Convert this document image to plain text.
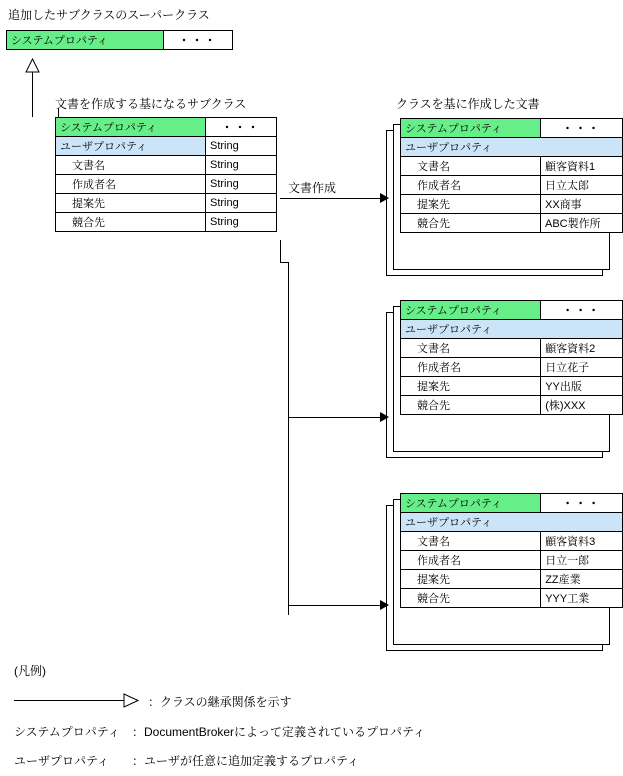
追加したサブクラスのスーパークラス
文書を作成する基になるサブクラス	クラスを基に作成した文書
文書作成
システムプロパティ	・・・
システムプロパティ	・・・
ユーザプロパティ	String
文書名	String
作成者名	String
提案先	String
競合先	String
システムプロパティ	・・・
ユーザプロパティ	
文書名	顧客資料1
作成者名	日立太郎
提案先	XX商事
競合先	ABC製作所
システムプロパティ	・・・
ユーザプロパティ	
文書名	顧客資料2
作成者名	日立花子
提案先	YY出版
競合先	(株)XXX
システムプロパティ	・・・
ユーザプロパティ	
文書名	顧客資料3
作成者名	日立一郎
提案先	ZZ産業
競合先	YYY工業
(凡例)
：クラスの継承関係を示す
システムプロパティ ：DocumentBrokerによって定義されているプロパティ
ユーザプロパティ ：ユーザが任意に追加定義するプロパティ
